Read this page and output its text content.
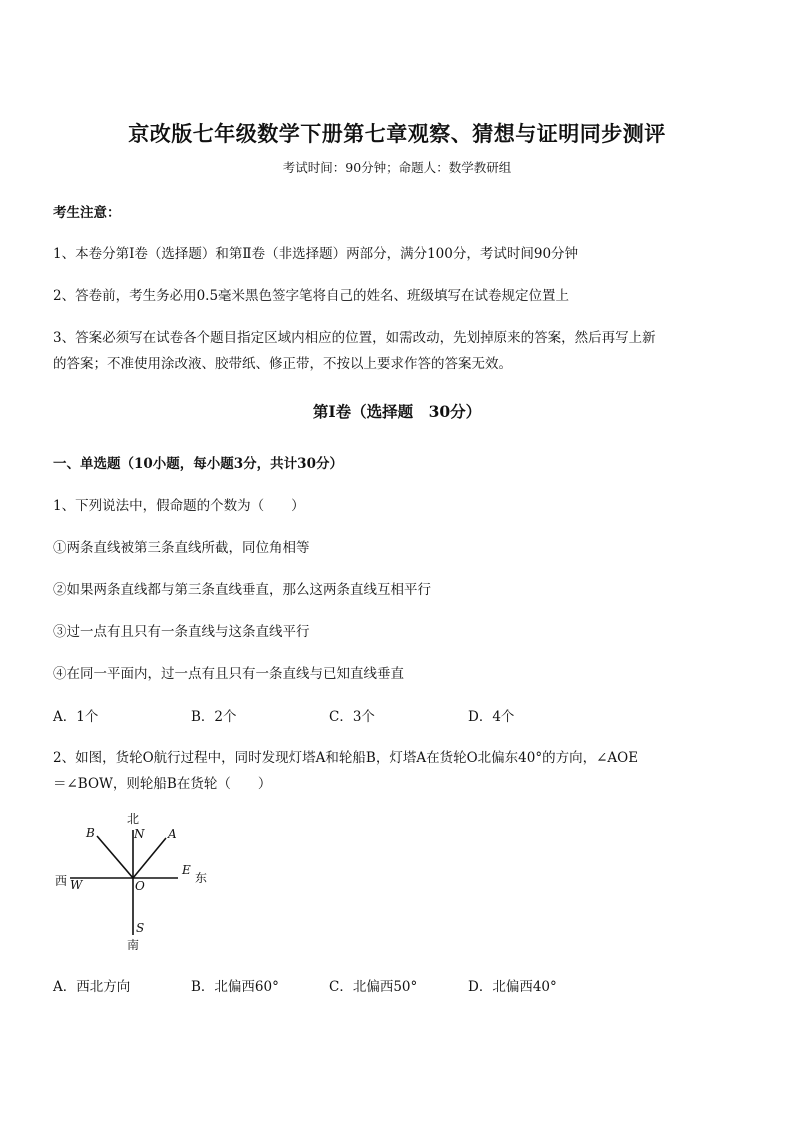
京改版七年级数学下册第七章观察、猜想与证明同步测评
考试时间：90分钟；命题人：数学教研组
考生注意：
1、本卷分第Ⅰ卷（选择题）和第Ⅱ卷（非选择题）两部分，满分100分，考试时间90分钟
2、答卷前，考生务必用0.5毫米黑色签字笔将自己的姓名、班级填写在试卷规定位置上
3、答案必须写在试卷各个题目指定区域内相应的位置，如需改动，先划掉原来的答案，然后再写上新
的答案；不准使用涂改液、胶带纸、修正带，不按以上要求作答的答案无效。
第Ⅰ卷（选择题　30分）
一、单选题（10小题，每小题3分，共计30分）
1、下列说法中，假命题的个数为（　　）
①两条直线被第三条直线所截，同位角相等
②如果两条直线都与第三条直线垂直，那么这两条直线互相平行
③过一点有且只有一条直线与这条直线平行
④在同一平面内，过一点有且只有一条直线与已知直线垂直
A．1个	B．2个	C．3个	D．4个
2、如图，货轮O航行过程中，同时发现灯塔A和轮船B，灯塔A在货轮O北偏东40°的方向，∠AOE
＝∠BOW，则轮船B在货轮（　　）
北
N A
B
西 W	O
E
东
S
南
A．西北方向	B．北偏西60°	C．北偏西50°	D．北偏西40°
